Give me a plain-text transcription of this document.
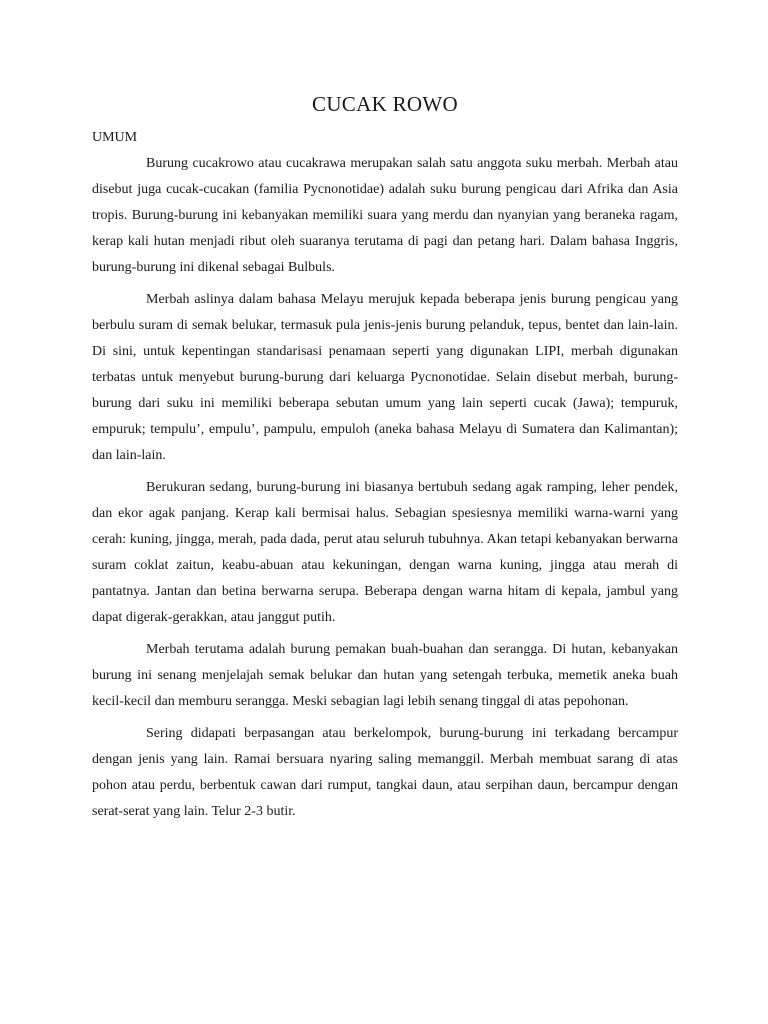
CUCAK ROWO
UMUM

Burung cucakrowo atau cucakrawa merupakan salah satu anggota suku merbah. Merbah atau disebut juga cucak-cucakan (familia Pycnonotidae) adalah suku burung pengicau dari Afrika dan Asia tropis. Burung-burung ini kebanyakan memiliki suara yang merdu dan nyanyian yang beraneka ragam, kerap kali hutan menjadi ribut oleh suaranya terutama di pagi dan petang hari. Dalam bahasa Inggris, burung-burung ini dikenal sebagai Bulbuls.

Merbah aslinya dalam bahasa Melayu merujuk kepada beberapa jenis burung pengicau yang berbulu suram di semak belukar, termasuk pula jenis-jenis burung pelanduk, tepus, bentet dan lain-lain. Di sini, untuk kepentingan standarisasi penamaan seperti yang digunakan LIPI, merbah digunakan terbatas untuk menyebut burung-burung dari keluarga Pycnonotidae. Selain disebut merbah, burung-burung dari suku ini memiliki beberapa sebutan umum yang lain seperti cucak (Jawa); tempuruk, empuruk; tempulu’, empulu’, pampulu, empuloh (aneka bahasa Melayu di Sumatera dan Kalimantan); dan lain-lain.

Berukuran sedang, burung-burung ini biasanya bertubuh sedang agak ramping, leher pendek, dan ekor agak panjang. Kerap kali bermisai halus. Sebagian spesiesnya memiliki warna-warni yang cerah: kuning, jingga, merah, pada dada, perut atau seluruh tubuhnya. Akan tetapi kebanyakan berwarna suram coklat zaitun, keabu-abuan atau kekuningan, dengan warna kuning, jingga atau merah di pantatnya. Jantan dan betina berwarna serupa. Beberapa dengan warna hitam di kepala, jambul yang dapat digerak-gerakkan, atau janggut putih.

Merbah terutama adalah burung pemakan buah-buahan dan serangga. Di hutan, kebanyakan burung ini senang menjelajah semak belukar dan hutan yang setengah terbuka, memetik aneka buah kecil-kecil dan memburu serangga. Meski sebagian lagi lebih senang tinggal di atas pepohonan.

Sering didapati berpasangan atau berkelompok, burung-burung ini terkadang bercampur dengan jenis yang lain. Ramai bersuara nyaring saling memanggil. Merbah membuat sarang di atas pohon atau perdu, berbentuk cawan dari rumput, tangkai daun, atau serpihan daun, bercampur dengan serat-serat yang lain. Telur 2-3 butir.
